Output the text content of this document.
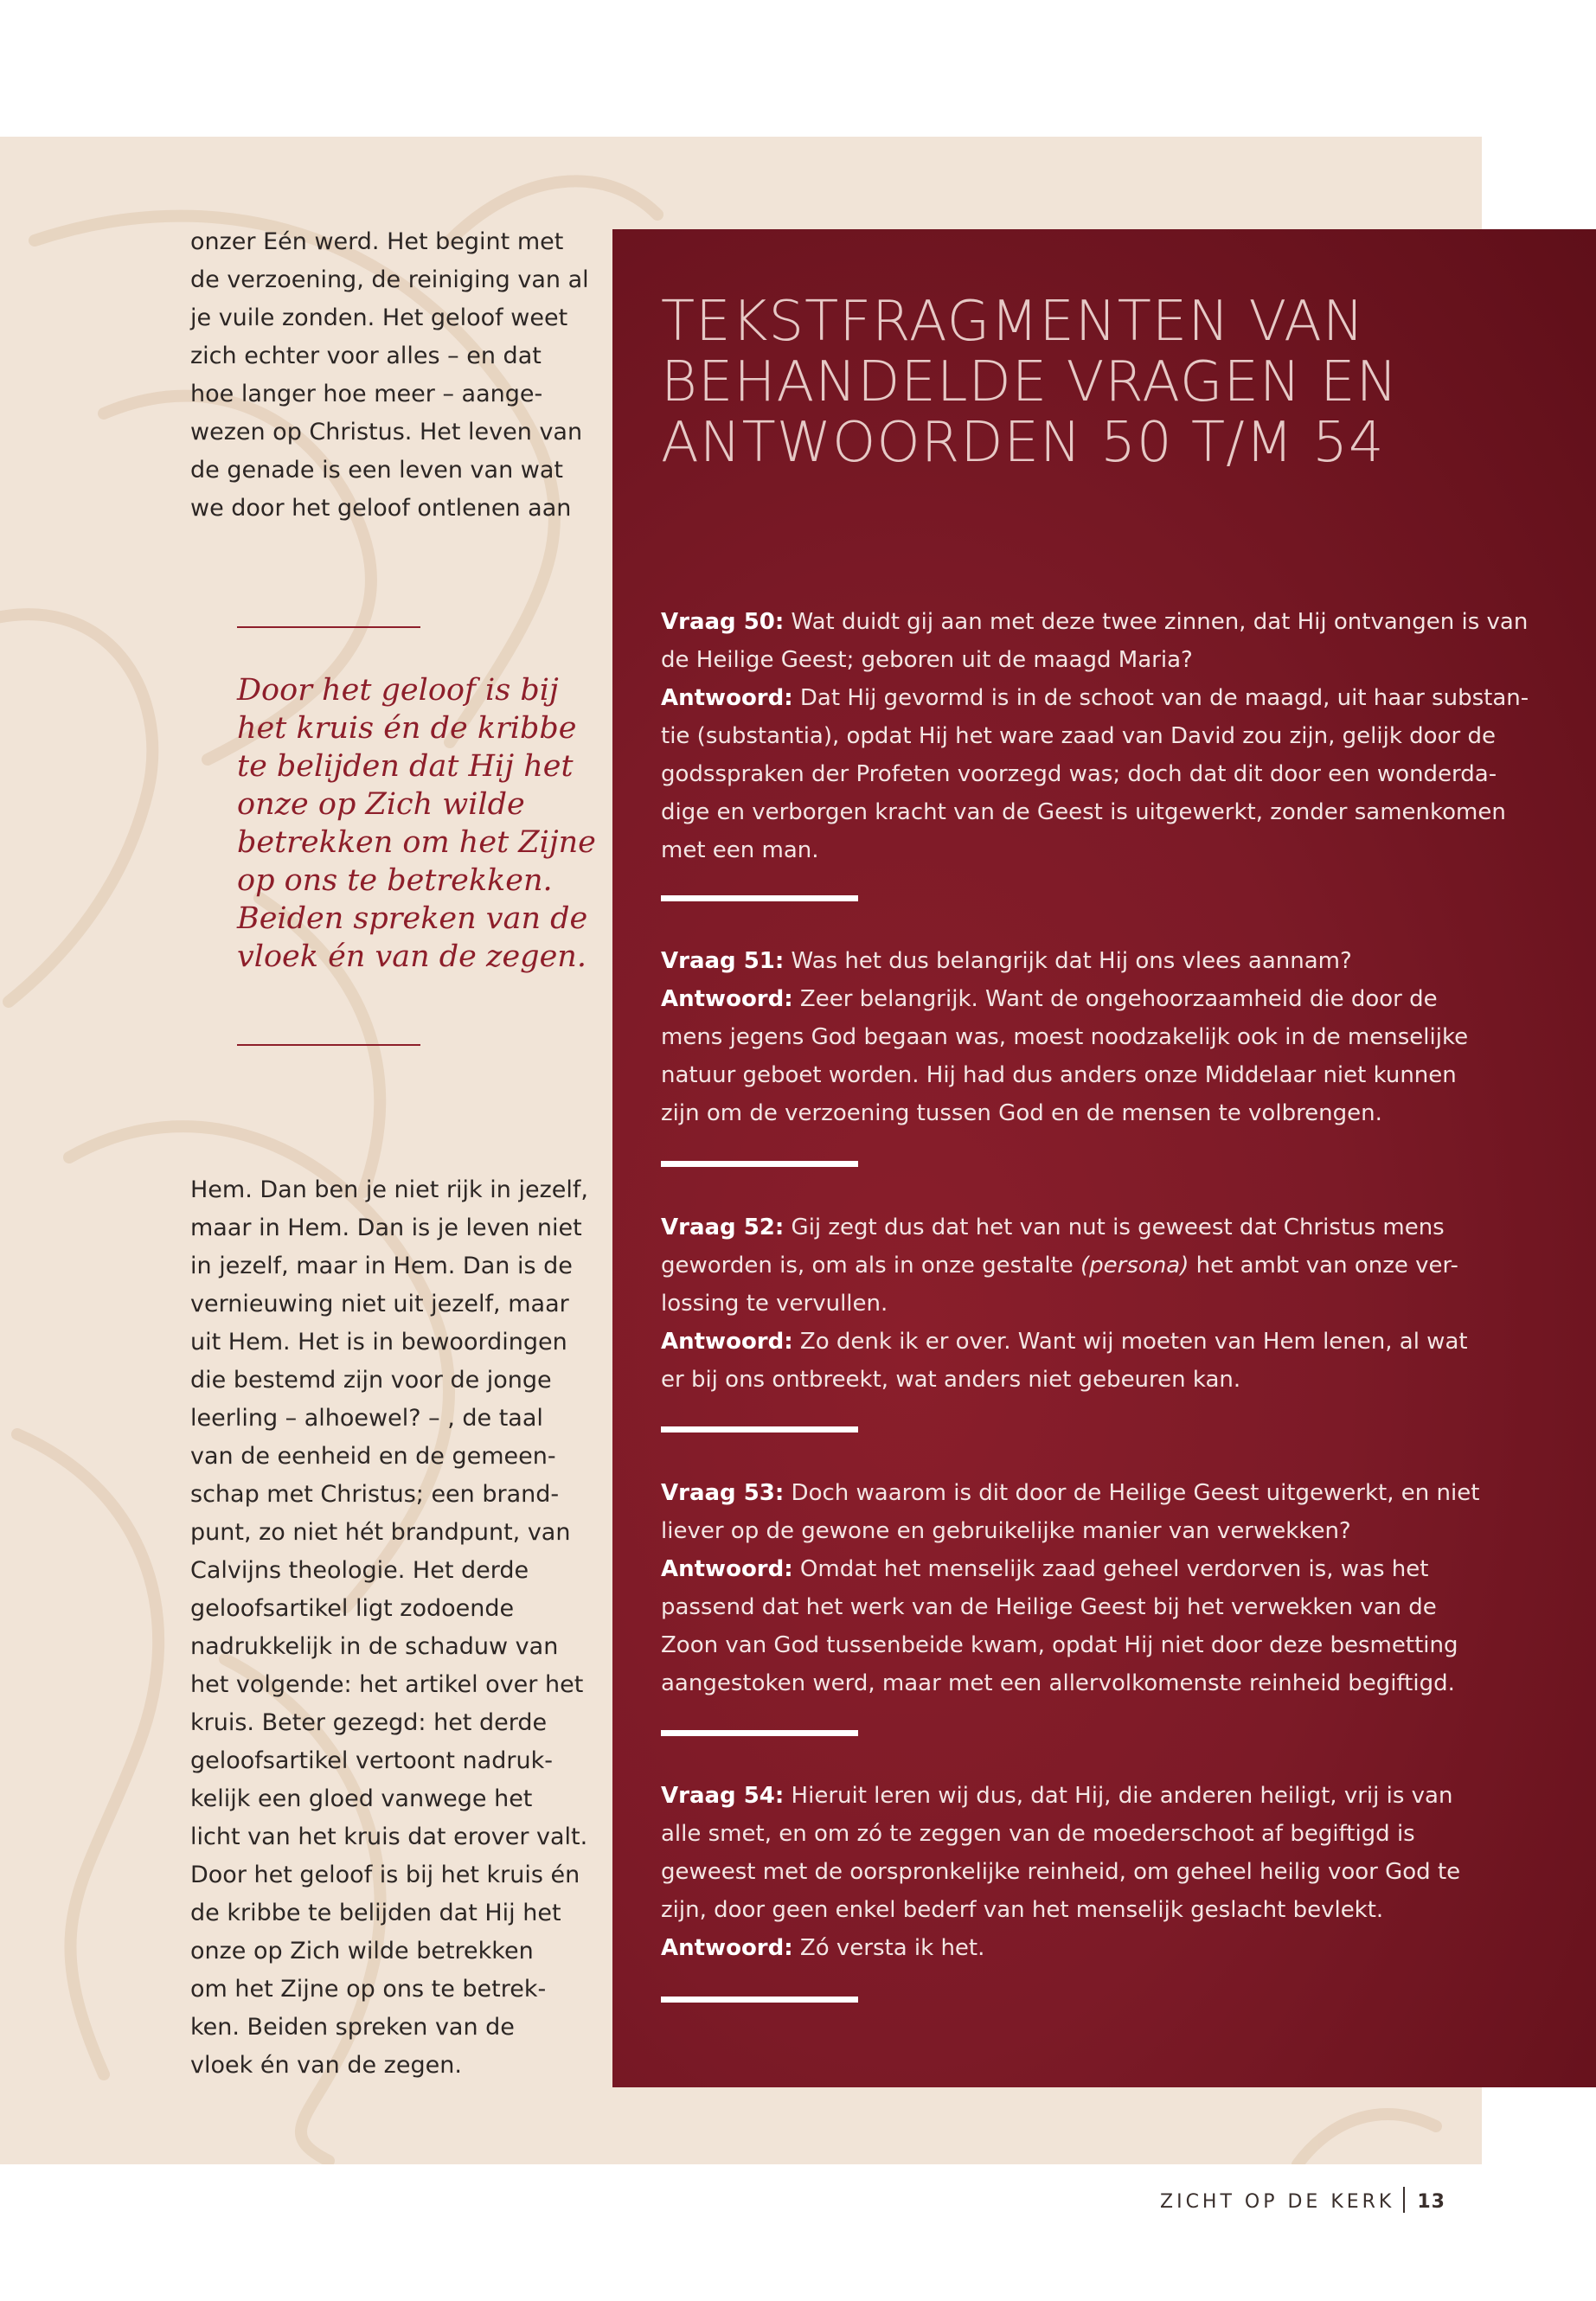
onzer Eén werd. Het begint met
de verzoening, de reiniging van al
je vuile zonden. Het geloof weet
zich echter voor alles – en dat
hoe langer hoe meer – aange-
wezen op Christus. Het leven van
de genade is een leven van wat
we door het geloof ontlenen aan
Door het geloof is bij
het kruis én de kribbe
te belijden dat Hij het
onze op Zich wilde
betrekken om het Zijne
op ons te betrekken.
Beiden spreken van de
vloek én van de zegen.
Hem. Dan ben je niet rijk in jezelf,
maar in Hem. Dan is je leven niet
in jezelf, maar in Hem. Dan is de
vernieuwing niet uit jezelf, maar
uit Hem. Het is in bewoordingen
die bestemd zijn voor de jonge
leerling – alhoewel? – , de taal
van de eenheid en de gemeen-
schap met Christus; een brand-
punt, zo niet hét brandpunt, van
Calvijns theologie. Het derde
geloofsartikel ligt zodoende
nadrukkelijk in de schaduw van
het volgende: het artikel over het
kruis. Beter gezegd: het derde
geloofsartikel vertoont nadruk-
kelijk een gloed vanwege het
licht van het kruis dat erover valt.
Door het geloof is bij het kruis én
de kribbe te belijden dat Hij het
onze op Zich wilde betrekken
om het Zijne op ons te betrek-
ken. Beiden spreken van de
vloek én van de zegen.
TEKSTFRAGMENTEN VAN
BEHANDELDE VRAGEN EN
ANTWOORDEN 50 T/M 54
Vraag 50: Wat duidt gij aan met deze twee zinnen, dat Hij ontvangen is van
de Heilige Geest; geboren uit de maagd Maria?
Antwoord: Dat Hij gevormd is in de schoot van de maagd, uit haar substan-
tie (substantia), opdat Hij het ware zaad van David zou zijn, gelijk door de
godsspraken der Profeten voorzegd was; doch dat dit door een wonderda-
dige en verborgen kracht van de Geest is uitgewerkt, zonder samenkomen
met een man.
Vraag 51: Was het dus belangrijk dat Hij ons vlees aannam?
Antwoord: Zeer belangrijk. Want de ongehoorzaamheid die door de
mens jegens God begaan was, moest noodzakelijk ook in de menselijke
natuur geboet worden. Hij had dus anders onze Middelaar niet kunnen
zijn om de verzoening tussen God en de mensen te volbrengen.
Vraag 52: Gij zegt dus dat het van nut is geweest dat Christus mens
geworden is, om als in onze gestalte (persona) het ambt van onze ver-
lossing te vervullen.
Antwoord: Zo denk ik er over. Want wij moeten van Hem lenen, al wat
er bij ons ontbreekt, wat anders niet gebeuren kan.
Vraag 53: Doch waarom is dit door de Heilige Geest uitgewerkt, en niet
liever op de gewone en gebruikelijke manier van verwekken?
Antwoord: Omdat het menselijk zaad geheel verdorven is, was het
passend dat het werk van de Heilige Geest bij het verwekken van de
Zoon van God tussenbeide kwam, opdat Hij niet door deze besmetting
aangestoken werd, maar met een allervolkomenste reinheid begiftigd.
Vraag 54: Hieruit leren wij dus, dat Hij, die anderen heiligt, vrij is van
alle smet, en om zó te zeggen van de moederschoot af begiftigd is
geweest met de oorspronkelijke reinheid, om geheel heilig voor God te
zijn, door geen enkel bederf van het menselijk geslacht bevlekt.
Antwoord: Zó versta ik het.
ZICHT OP DE KERK 13
